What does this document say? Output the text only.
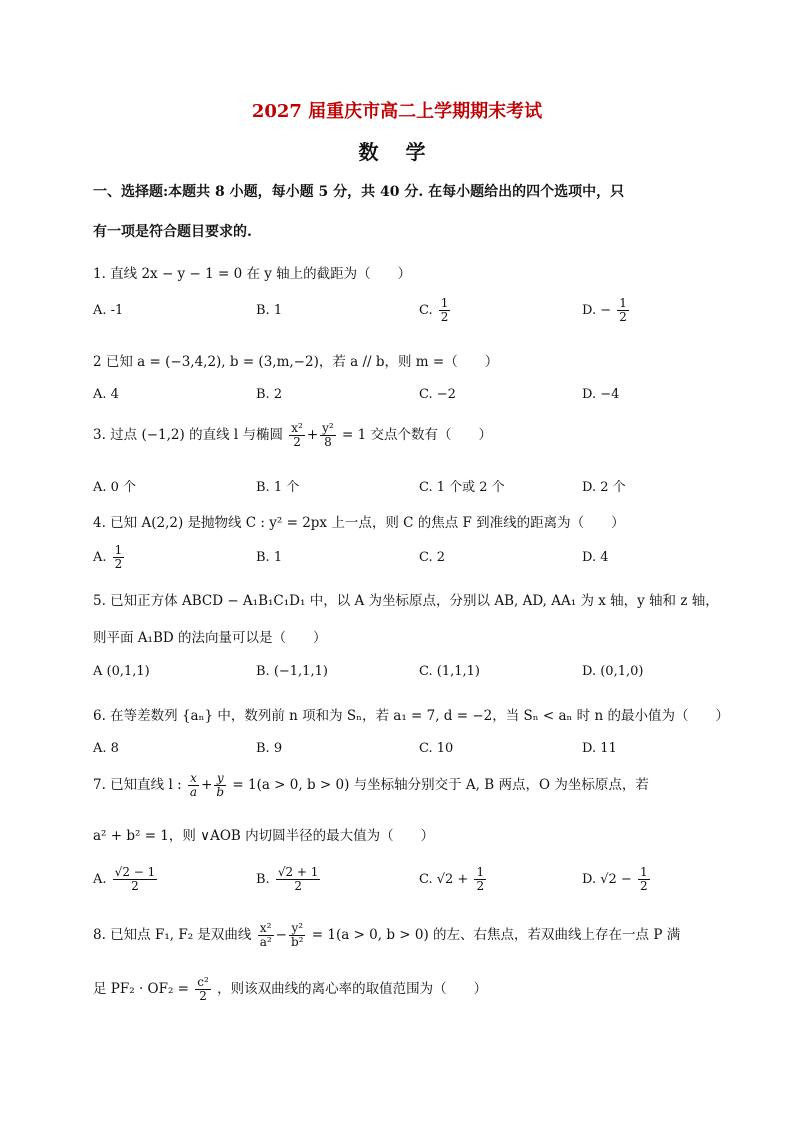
2027 届重庆市高二上学期期末考试
数 学
一、选择题:本题共 8 小题，每小题 5 分，共 40 分. 在每小题给出的四个选项中，只
有一项是符合题目要求的.
1. 直线 2x − y − 1 = 0 在 y 轴上的截距为（　　）
A. -1	B. 1	C. $\frac{1}{2}$	D. − $\frac{1}{2}$
2 已知 a = (−3,4,2), b = (3,m,−2)，若 a // b，则 m =（　　）
A. 4	B. 2	C. −2	D. −4
3. 过点 (−1,2) 的直线 l 与椭圆 $\frac{\text{x²}}{2} + \frac{\text{y²}}{8} = 1$ 交点个数有（　　）
A. 0 个	B. 1 个	C. 1 个或 2 个	D. 2 个
4. 已知 A(2,2) 是抛物线 C : y² = 2px 上一点，则 C 的焦点 F 到准线的距离为（　　）
A. $\frac{1}{2}$	B. 1	C. 2	D. 4
5. 已知正方体 ABCD − A₁B₁C₁D₁ 中，以 A 为坐标原点，分别以 AB, AD, AA₁ 为 x 轴，y 轴和 z 轴，
则平面 A₁BD 的法向量可以是（　　）
A (0,1,1)	B. (−1,1,1)	C. (1,1,1)	D. (0,1,0)
6. 在等差数列 {aₙ} 中，数列前 n 项和为 Sₙ，若 a₁ = 7, d = −2，当 Sₙ < aₙ 时 n 的最小值为（　　）
A. 8	B. 9	C. 10	D. 11
7. 已知直线 l : $\frac{x}{a} + \frac{y}{b} = 1(a > 0$, b > 0) 与坐标轴分别交于 A, B 两点，O 为坐标原点，若
a² + b² = 1，则 ∨AOB 内切圆半径的最大值为（　　）
A. $\frac{√2 - 1}{2}$	B. $\frac{√2 + 1}{2}$	C. $√2 + \frac{1}{2}$	D. $√2 - \frac{1}{2}$
8. 已知点 F₁, F₂ 是双曲线 $\frac{\text{x²}}{\text{a²}} - \frac{\text{y²}}{\text{b²}} = 1(a > 0$, b > 0) 的左、右焦点，若双曲线上存在一点 P 满
足 $PF_2 \cdot OF_2 = \frac{\text{c²}}{2}$ ，则该双曲线的离心率的取值范围为（　　）
